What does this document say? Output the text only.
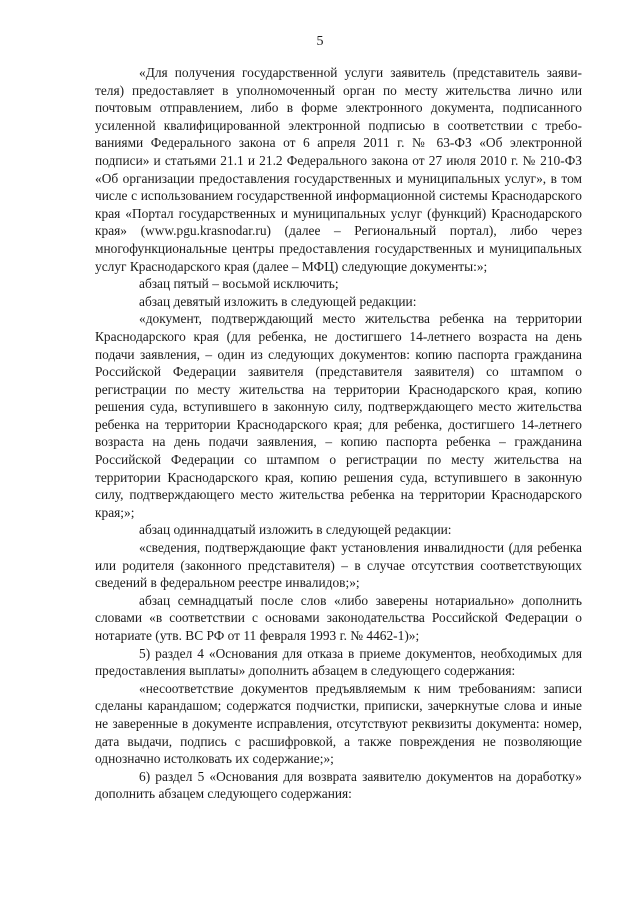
5

«Для получения государственной услуги заявитель (представитель заявителя) предоставляет в уполномоченный орган по месту жительства лично или почтовым отправлением, либо в форме электронного документа, подписанного усиленной квалифицированной электронной подписью в соответствии с требованиями Федерального закона от 6 апреля 2011 г. № 63-ФЗ «Об электронной подписи» и статьями 21.1 и 21.2 Федерального закона от 27 июля 2010 г. № 210-ФЗ «Об организации предоставления государственных и муниципальных услуг», в том числе с использованием государственной информационной системы Краснодарского края «Портал государственных и муниципальных услуг (функций) Краснодарского края» (www.pgu.krasnodar.ru) (далее – Региональный портал), либо через многофункциональные центры предоставления государственных и муниципальных услуг Краснодарского края (далее – МФЦ) следующие документы:»;

абзац пятый – восьмой исключить;

абзац девятый изложить в следующей редакции:

«документ, подтверждающий место жительства ребенка на территории Краснодарского края (для ребенка, не достигшего 14-летнего возраста на день подачи заявления, – один из следующих документов: копию паспорта гражданина Российской Федерации заявителя (представителя заявителя) со штампом о регистрации по месту жительства на территории Краснодарского края, копию решения суда, вступившего в законную силу, подтверждающего место жительства ребенка на территории Краснодарского края; для ребенка, достигшего 14-летнего возраста на день подачи заявления, – копию паспорта ребенка – гражданина Российской Федерации со штампом о регистрации по месту жительства на территории Краснодарского края, копию решения суда, вступившего в законную силу, подтверждающего место жительства ребенка на территории Краснодарского края;»;

абзац одиннадцатый изложить в следующей редакции:

«сведения, подтверждающие факт установления инвалидности (для ребенка или родителя (законного представителя) – в случае отсутствия соответствующих сведений в федеральном реестре инвалидов;»;

абзац семнадцатый после слов «либо заверены нотариально» дополнить словами «в соответствии с основами законодательства Российской Федерации о нотариате (утв. ВС РФ от 11 февраля 1993 г. № 4462-1)»;

5) раздел 4 «Основания для отказа в приеме документов, необходимых для предоставления выплаты» дополнить абзацем в следующего содержания:

«несоответствие документов предъявляемым к ним требованиям: записи сделаны карандашом; содержатся подчистки, приписки, зачеркнутые слова и иные не заверенные в документе исправления, отсутствуют реквизиты документа: номер, дата выдачи, подпись с расшифровкой, а также повреждения не позволяющие однозначно истолковать их содержание;»;

6) раздел 5 «Основания для возврата заявителю документов на доработку» дополнить абзацем следующего содержания:
